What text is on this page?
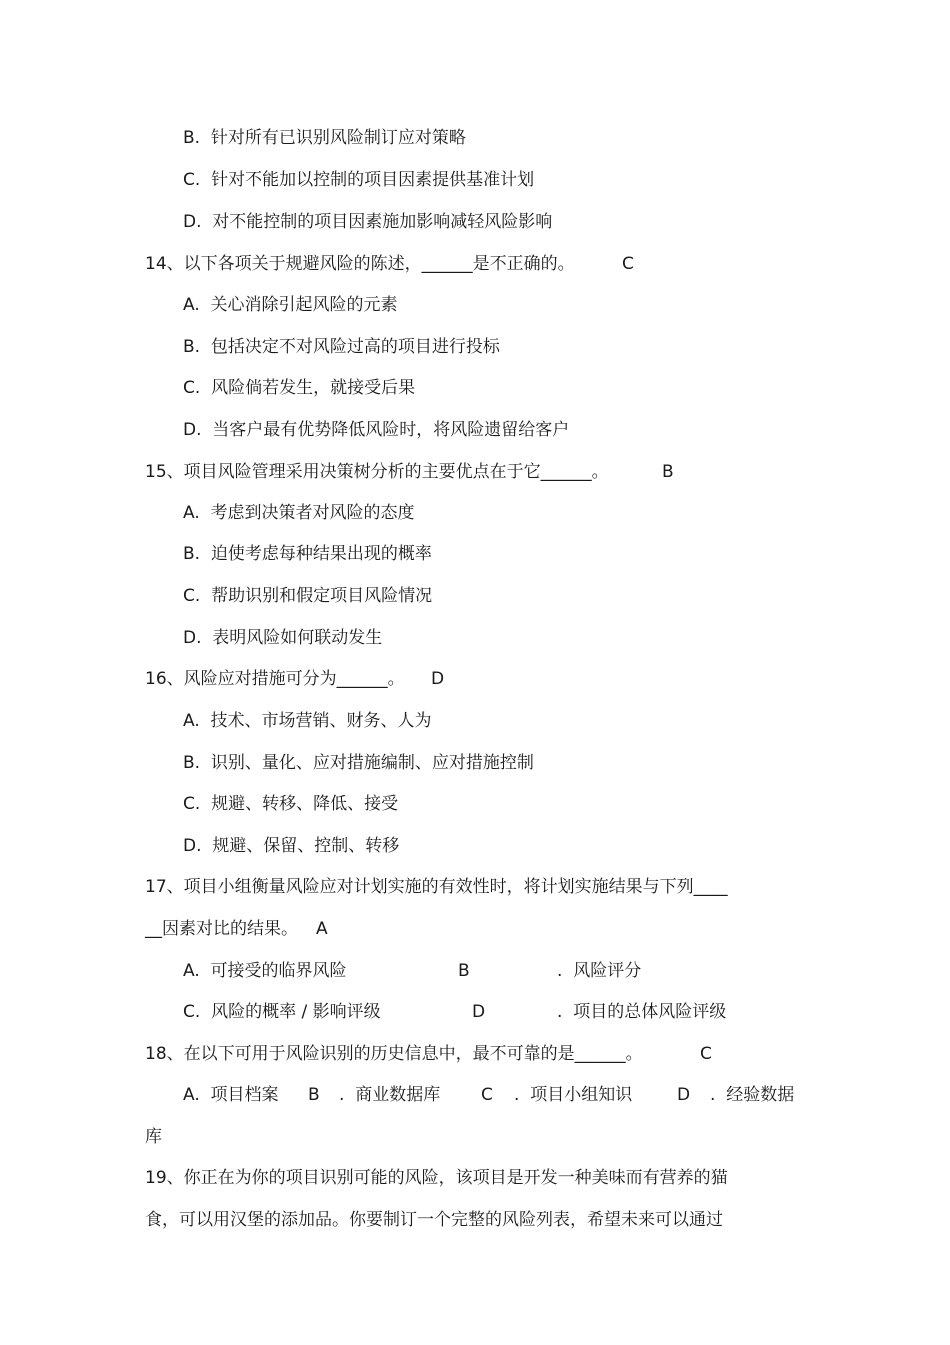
B.  针对所有已识别风险制订应对策略
C.  针对不能加以控制的项目因素提供基准计划
D.  对不能控制的项目因素施加影响减轻风险影响
14、以下各项关于规避风险的陈述，______是不正确的。	C
A.  关心消除引起风险的元素
B.  包括决定不对风险过高的项目进行投标
C.  风险倘若发生，就接受后果
D.  当客户最有优势降低风险时，将风险遗留给客户
15、项目风险管理采用决策树分析的主要优点在于它______。	B
A.  考虑到决策者对风险的态度
B.  迫使考虑每种结果出现的概率
C.  帮助识别和假定项目风险情况
D.  表明风险如何联动发生
16、风险应对措施可分为______。 D
A.  技术、市场营销、财务、人为
B.  识别、量化、应对措施编制、应对措施控制
C.  规避、转移、降低、接受
D.  规避、保留、控制、转移
17、项目小组衡量风险应对计划实施的有效性时，将计划实施结果与下列____
__因素对比的结果。 A
A.  可接受的临界风险	B	.  风险评分
C.  风险的概率 / 影响评级	D	.  项目的总体风险评级
18、在以下可用于风险识别的历史信息中，最不可靠的是______。	C
A.  项目档案 B .  商业数据库 C .  项目小组知识	D .  经验数据
库
19、你正在为你的项目识别可能的风险，该项目是开发一种美味而有营养的猫
食，可以用汉堡的添加品。你要制订一个完整的风险列表，希望未来可以通过
